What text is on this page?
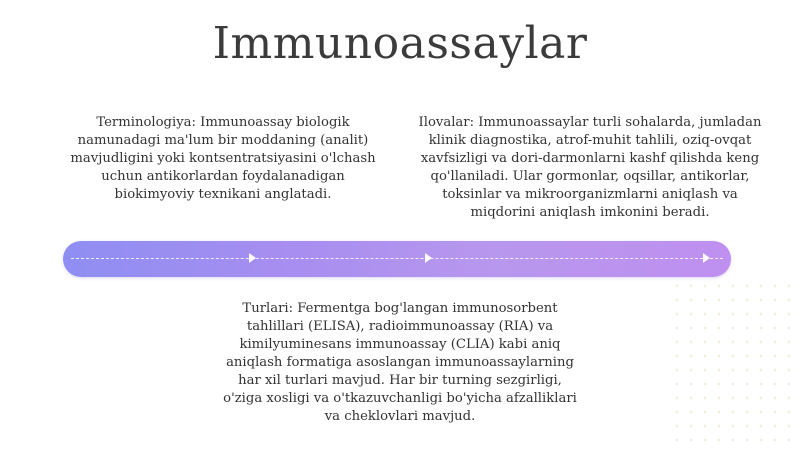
Immunoassaylar
Terminologiya: Immunoassay biologik namunadagi ma'lum bir moddaning (analit) mavjudligini yoki kontsentratsiyasini o'lchash uchun antikorlardan foydalanadigan biokimyoviy texnikani anglatadi.
Ilovalar: Immunoassaylar turli sohalarda, jumladan klinik diagnostika, atrof-muhit tahlili, oziq-ovqat xavfsizligi va dori-darmonlarni kashf qilishda keng qo'llaniladi. Ular gormonlar, oqsillar, antikorlar, toksinlar va mikroorganizmlarni aniqlash va miqdorini aniqlash imkonini beradi.
Turlari: Fermentga bog'langan immunosorbent tahlillari (ELISA), radioimmunoassay (RIA) va kimilyuminesans immunoassay (CLIA) kabi aniq aniqlash formatiga asoslangan immunoassaylarning har xil turlari mavjud. Har bir turning sezgirligi, o'ziga xosligi va o'tkazuvchanligi bo'yicha afzalliklari va cheklovlari mavjud.
